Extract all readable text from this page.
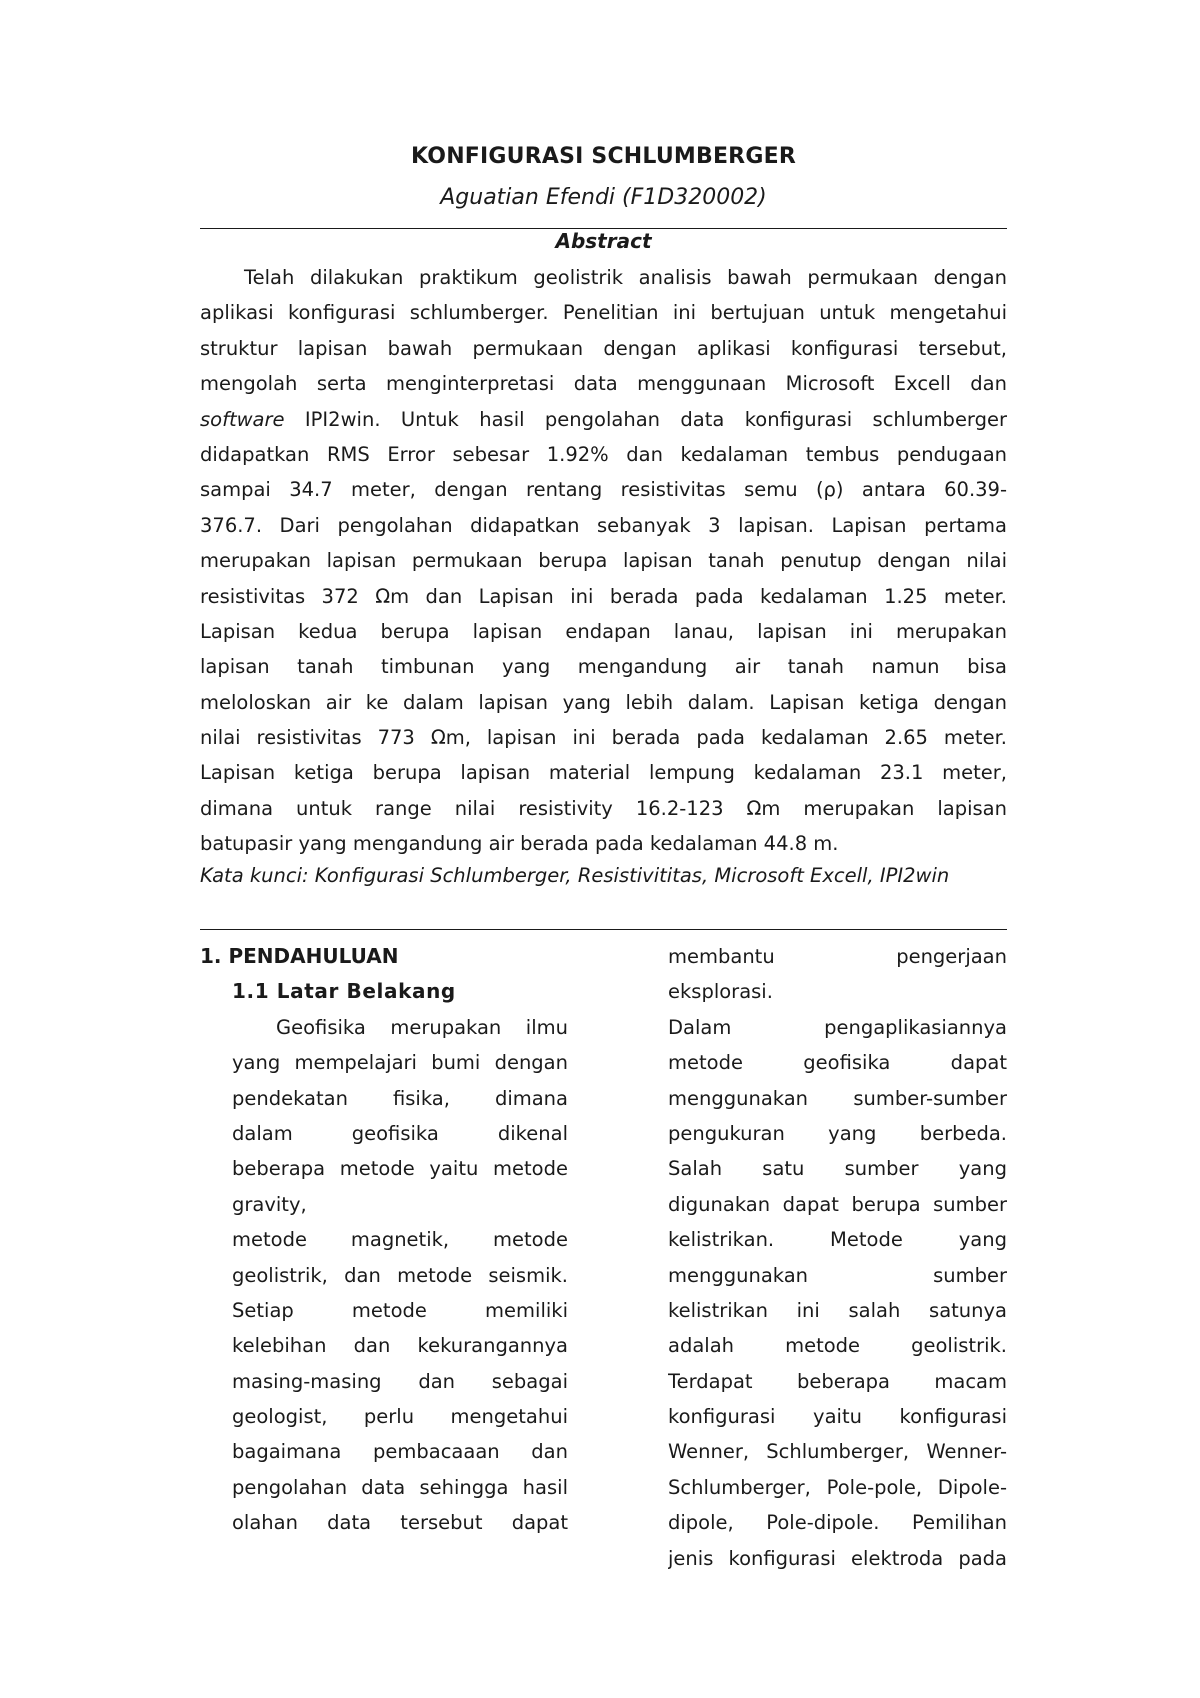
KONFIGURASI SCHLUMBERGER
Aguatian Efendi (F1D320002)
Abstract
Telah dilakukan praktikum geolistrik analisis bawah permukaan dengan
aplikasi konfigurasi schlumberger. Penelitian ini bertujuan untuk mengetahui
struktur lapisan bawah permukaan dengan aplikasi konfigurasi tersebut,
mengolah serta menginterpretasi data menggunaan Microsoft Excell dan
software IPI2win. Untuk hasil pengolahan data konfigurasi schlumberger
didapatkan RMS Error sebesar 1.92% dan kedalaman tembus pendugaan
sampai 34.7 meter, dengan rentang resistivitas semu (ρ) antara 60.39-
376.7. Dari pengolahan didapatkan sebanyak 3 lapisan. Lapisan pertama
merupakan lapisan permukaan berupa lapisan tanah penutup dengan nilai
resistivitas 372 Ωm dan Lapisan ini berada pada kedalaman 1.25 meter.
Lapisan kedua berupa lapisan endapan lanau, lapisan ini merupakan
lapisan tanah timbunan yang mengandung air tanah namun bisa
meloloskan air ke dalam lapisan yang lebih dalam. Lapisan ketiga dengan
nilai resistivitas 773 Ωm, lapisan ini berada pada kedalaman 2.65 meter.
Lapisan ketiga berupa lapisan material lempung kedalaman 23.1 meter,
dimana untuk range nilai resistivity 16.2-123 Ωm merupakan lapisan
batupasir yang mengandung air berada pada kedalaman 44.8 m.
Kata kunci: Konfigurasi Schlumberger, Resistivititas, Microsoft Excell, IPI2win
1. PENDAHULUAN
1.1 Latar Belakang
Geofisika merupakan ilmu
yang mempelajari bumi dengan
pendekatan fisika, dimana
dalam geofisika dikenal
beberapa metode yaitu metode
gravity,
metode magnetik, metode
geolistrik, dan metode seismik.
Setiap metode memiliki
kelebihan dan kekurangannya
masing-masing dan sebagai
geologist, perlu mengetahui
bagaimana pembacaaan dan
pengolahan data sehingga hasil
olahan data tersebut dapat
membantu pengerjaan
eksplorasi.
Dalam pengaplikasiannya
metode geofisika dapat
menggunakan sumber-sumber
pengukuran yang berbeda.
Salah satu sumber yang
digunakan dapat berupa sumber
kelistrikan. Metode yang
menggunakan sumber
kelistrikan ini salah satunya
adalah metode geolistrik.
Terdapat beberapa macam
konfigurasi yaitu konfigurasi
Wenner, Schlumberger, Wenner-
Schlumberger, Pole-pole, Dipole-
dipole, Pole-dipole. Pemilihan
jenis konfigurasi elektroda pada
